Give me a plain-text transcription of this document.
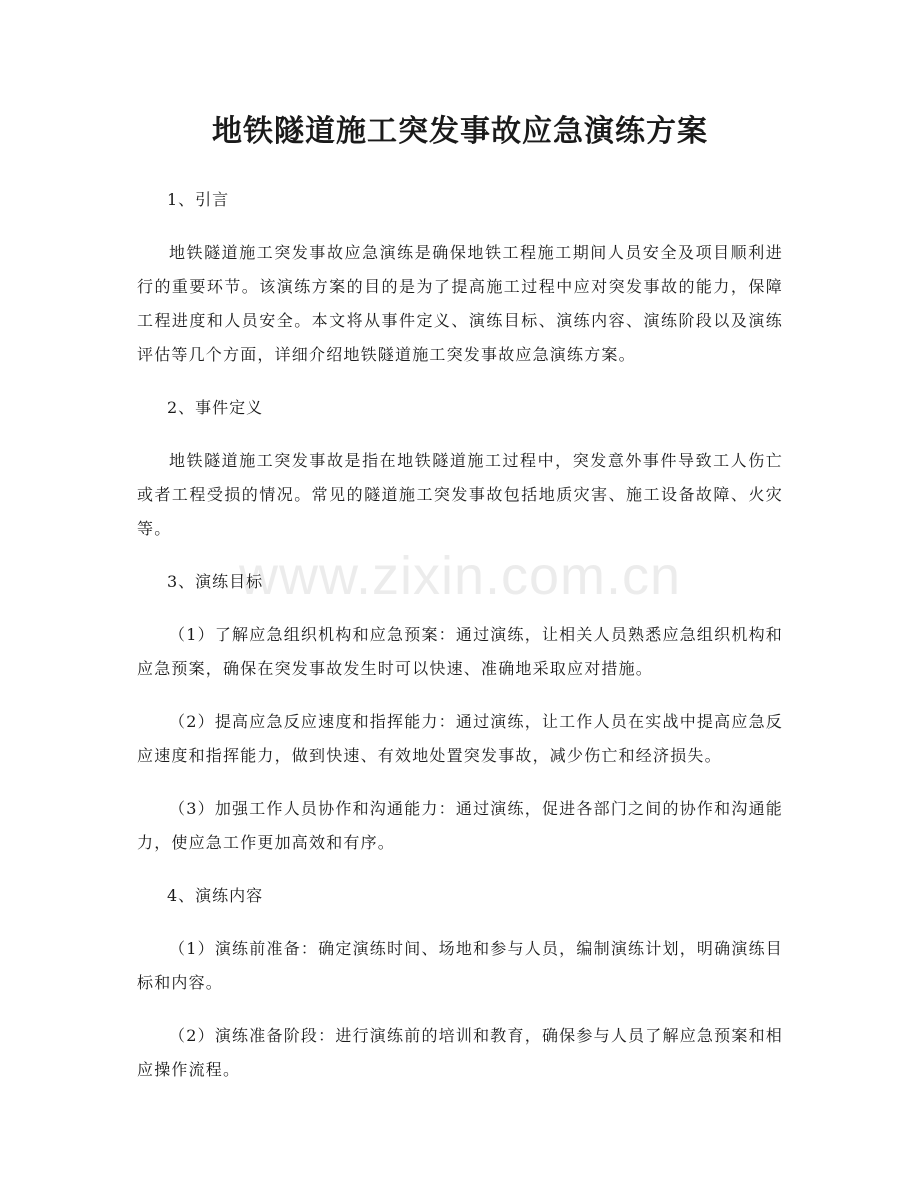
地铁隧道施工突发事故应急演练方案
www.zixin.com.cn

1、引言

地铁隧道施工突发事故应急演练是确保地铁工程施工期间人员安全及项目顺利进行的重要环节。该演练方案的目的是为了提高施工过程中应对突发事故的能力，保障工程进度和人员安全。本文将从事件定义、演练目标、演练内容、演练阶段以及演练评估等几个方面，详细介绍地铁隧道施工突发事故应急演练方案。

2、事件定义

地铁隧道施工突发事故是指在地铁隧道施工过程中，突发意外事件导致工人伤亡或者工程受损的情况。常见的隧道施工突发事故包括地质灾害、施工设备故障、火灾等。

3、演练目标

（1）了解应急组织机构和应急预案：通过演练，让相关人员熟悉应急组织机构和应急预案，确保在突发事故发生时可以快速、准确地采取应对措施。

（2）提高应急反应速度和指挥能力：通过演练，让工作人员在实战中提高应急反应速度和指挥能力，做到快速、有效地处置突发事故，减少伤亡和经济损失。

（3）加强工作人员协作和沟通能力：通过演练，促进各部门之间的协作和沟通能力，使应急工作更加高效和有序。

4、演练内容

（1）演练前准备：确定演练时间、场地和参与人员，编制演练计划，明确演练目标和内容。

（2）演练准备阶段：进行演练前的培训和教育，确保参与人员了解应急预案和相应操作流程。
